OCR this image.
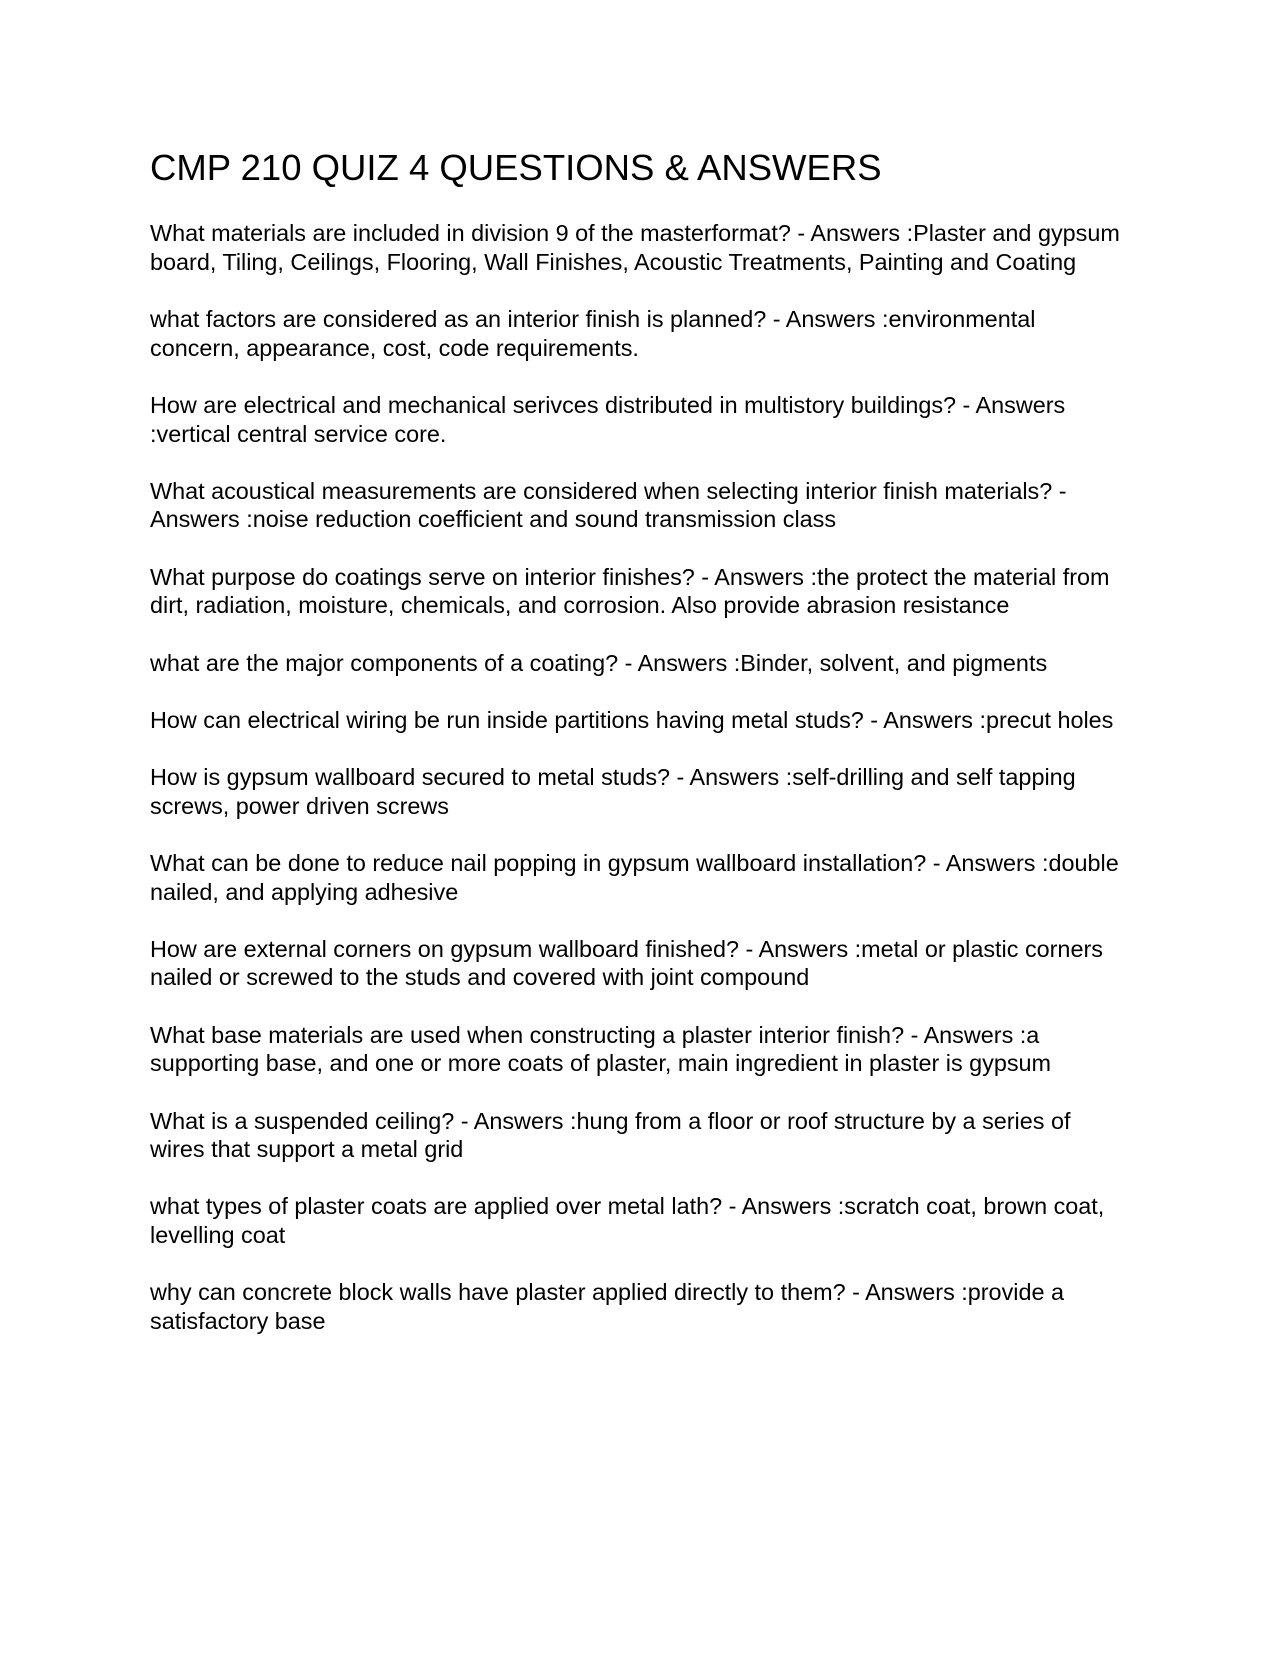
CMP 210 QUIZ 4 QUESTIONS & ANSWERS

What materials are included in division 9 of the masterformat? - Answers :Plaster and gypsum board, Tiling, Ceilings, Flooring, Wall Finishes, Acoustic Treatments, Painting and Coating

what factors are considered as an interior finish is planned? - Answers :environmental concern, appearance, cost, code requirements.

How are electrical and mechanical serivces distributed in multistory buildings? - Answers :vertical central service core.

What acoustical measurements are considered when selecting interior finish materials? - Answers :noise reduction coefficient and sound transmission class

What purpose do coatings serve on interior finishes? - Answers :the protect the material from dirt, radiation, moisture, chemicals, and corrosion. Also provide abrasion resistance

what are the major components of a coating? - Answers :Binder, solvent, and pigments

How can electrical wiring be run inside partitions having metal studs? - Answers :precut holes

How is gypsum wallboard secured to metal studs? - Answers :self-drilling and self tapping screws, power driven screws

What can be done to reduce nail popping in gypsum wallboard installation? - Answers :double nailed, and applying adhesive

How are external corners on gypsum wallboard finished? - Answers :metal or plastic corners nailed or screwed to the studs and covered with joint compound

What base materials are used when constructing a plaster interior finish? - Answers :a supporting base, and one or more coats of plaster, main ingredient in plaster is gypsum

What is a suspended ceiling? - Answers :hung from a floor or roof structure by a series of wires that support a metal grid

what types of plaster coats are applied over metal lath? - Answers :scratch coat, brown coat, levelling coat

why can concrete block walls have plaster applied directly to them? - Answers :provide a satisfactory base
